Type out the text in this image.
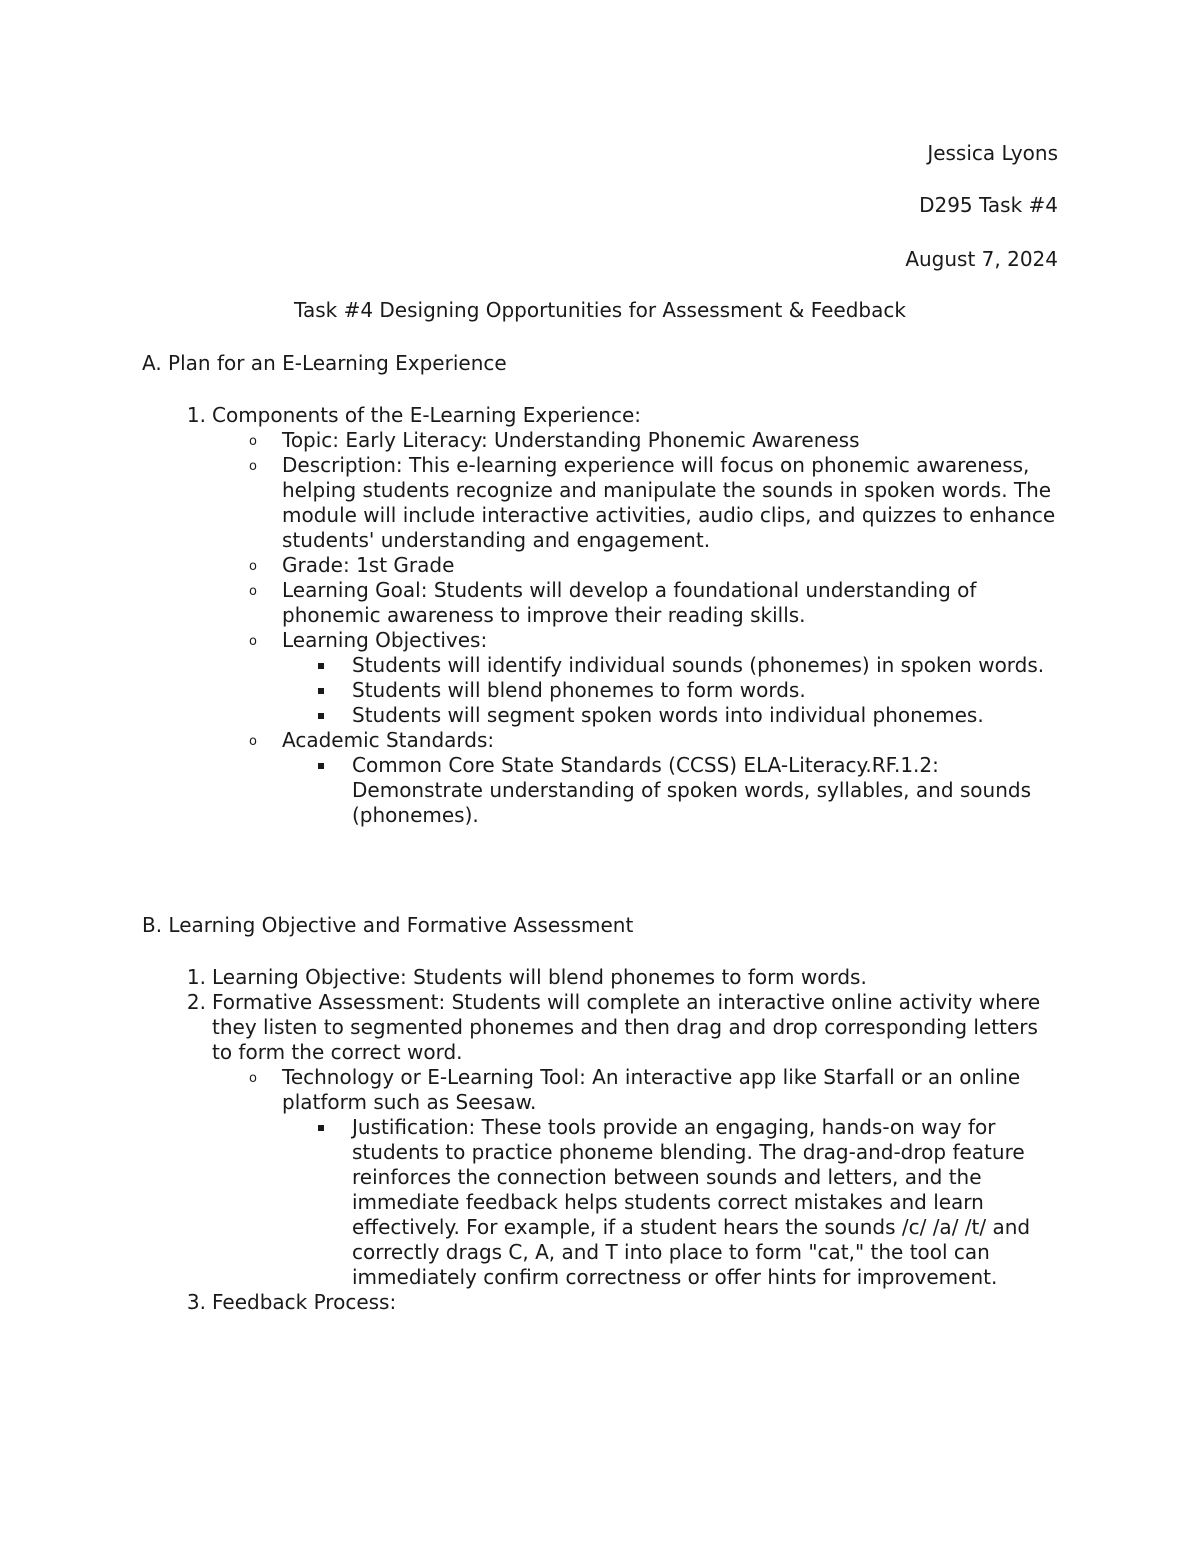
Jessica Lyons

D295 Task #4

August 7, 2024

Task #4 Designing Opportunities for Assessment & Feedback

A. Plan for an E-Learning Experience

1. Components of the E-Learning Experience:
o Topic: Early Literacy: Understanding Phonemic Awareness
o Description: This e-learning experience will focus on phonemic awareness, helping students recognize and manipulate the sounds in spoken words. The module will include interactive activities, audio clips, and quizzes to enhance students' understanding and engagement.
o Grade: 1st Grade
o Learning Goal: Students will develop a foundational understanding of phonemic awareness to improve their reading skills.
o Learning Objectives:
Students will identify individual sounds (phonemes) in spoken words.
Students will blend phonemes to form words.
Students will segment spoken words into individual phonemes.
o Academic Standards:
Common Core State Standards (CCSS) ELA-Literacy.RF.1.2: Demonstrate understanding of spoken words, syllables, and sounds (phonemes).

B. Learning Objective and Formative Assessment

1. Learning Objective: Students will blend phonemes to form words.
2. Formative Assessment: Students will complete an interactive online activity where they listen to segmented phonemes and then drag and drop corresponding letters to form the correct word.
o Technology or E-Learning Tool: An interactive app like Starfall or an online platform such as Seesaw.
Justification: These tools provide an engaging, hands-on way for students to practice phoneme blending. The drag-and-drop feature reinforces the connection between sounds and letters, and the immediate feedback helps students correct mistakes and learn effectively. For example, if a student hears the sounds /c/ /a/ /t/ and correctly drags C, A, and T into place to form "cat," the tool can immediately confirm correctness or offer hints for improvement.
3. Feedback Process:
